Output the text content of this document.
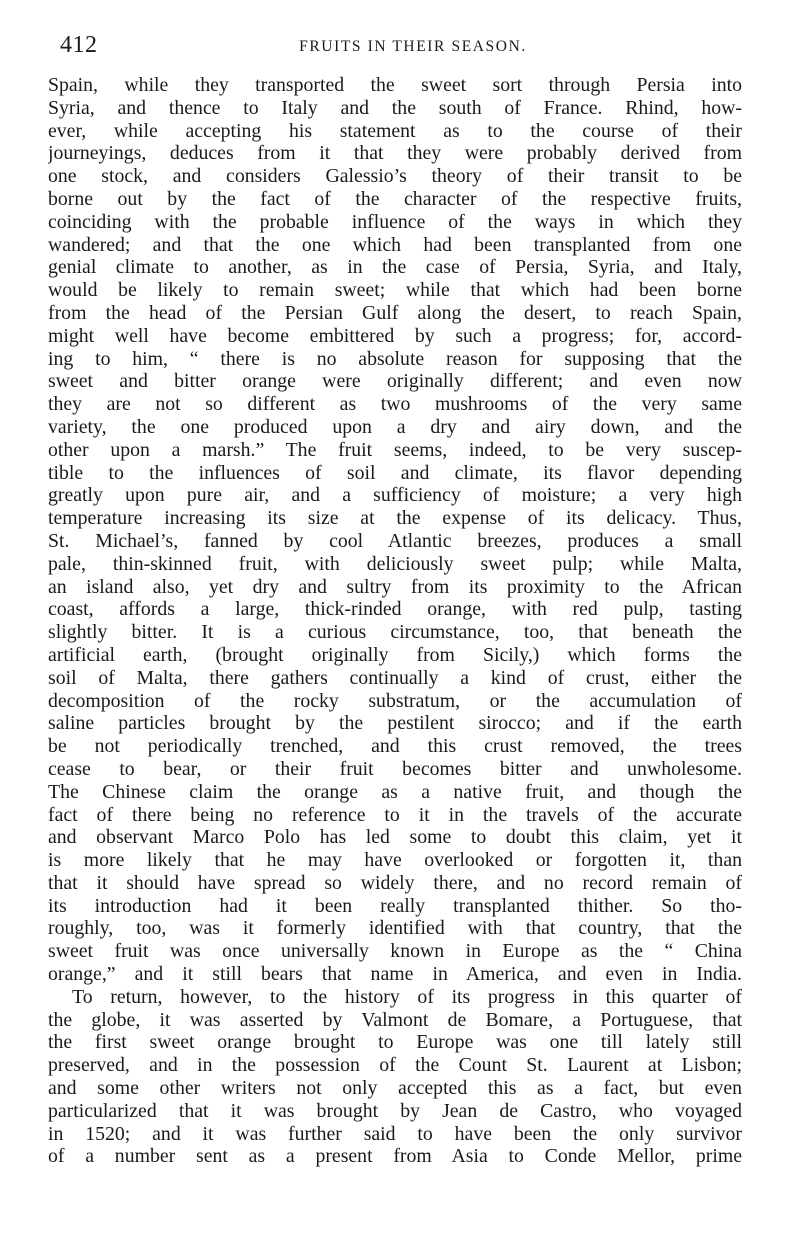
412	FRUITS IN THEIR SEASON.
Spain, while they transported the sweet sort through Persia into
Syria, and thence to Italy and the south of France. Rhind, how-
ever, while accepting his statement as to the course of their
journeyings, deduces from it that they were probably derived from
one stock, and considers Galessio’s theory of their transit to be
borne out by the fact of the character of the respective fruits,
coinciding with the probable influence of the ways in which they
wandered; and that the one which had been transplanted from one
genial climate to another, as in the case of Persia, Syria, and Italy,
would be likely to remain sweet; while that which had been borne
from the head of the Persian Gulf along the desert, to reach Spain,
might well have become embittered by such a progress; for, accord-
ing to him, “ there is no absolute reason for supposing that the
sweet and bitter orange were originally different; and even now
they are not so different as two mushrooms of the very same
variety, the one produced upon a dry and airy down, and the
other upon a marsh.” The fruit seems, indeed, to be very suscep-
tible to the influences of soil and climate, its flavor depending
greatly upon pure air, and a sufficiency of moisture; a very high
temperature increasing its size at the expense of its delicacy. Thus,
St. Michael’s, fanned by cool Atlantic breezes, produces a small
pale, thin-skinned fruit, with deliciously sweet pulp; while Malta,
an island also, yet dry and sultry from its proximity to the African
coast, affords a large, thick-rinded orange, with red pulp, tasting
slightly bitter. It is a curious circumstance, too, that beneath the
artificial earth, (brought originally from Sicily,) which forms the
soil of Malta, there gathers continually a kind of crust, either the
decomposition of the rocky substratum, or the accumulation of
saline particles brought by the pestilent sirocco; and if the earth
be not periodically trenched, and this crust removed, the trees
cease to bear, or their fruit becomes bitter and unwholesome.
The Chinese claim the orange as a native fruit, and though the
fact of there being no reference to it in the travels of the accurate
and observant Marco Polo has led some to doubt this claim, yet it
is more likely that he may have overlooked or forgotten it, than
that it should have spread so widely there, and no record remain of
its introduction had it been really transplanted thither. So tho-
roughly, too, was it formerly identified with that country, that the
sweet fruit was once universally known in Europe as the “ China
orange,” and it still bears that name in America, and even in India.
To return, however, to the history of its progress in this quarter of
the globe, it was asserted by Valmont de Bomare, a Portuguese, that
the first sweet orange brought to Europe was one till lately still
preserved, and in the possession of the Count St. Laurent at Lisbon;
and some other writers not only accepted this as a fact, but even
particularized that it was brought by Jean de Castro, who voyaged
in 1520; and it was further said to have been the only survivor
of a number sent as a present from Asia to Conde Mellor, prime
